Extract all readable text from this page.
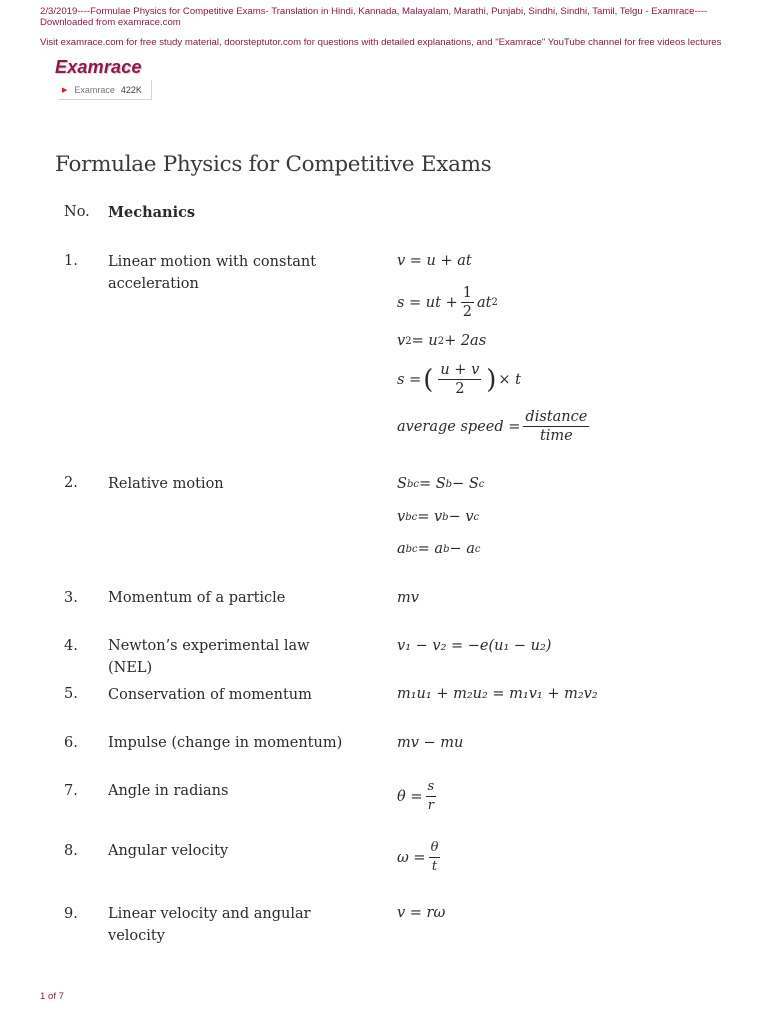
2/3/2019----Formulae Physics for Competitive Exams- Translation in Hindi, Kannada, Malayalam, Marathi, Punjabi, Sindhi, Sindhi, Tamil, Telgu - Examrace----Downloaded from examrace.com

Visit examrace.com for free study material, doorsteptutor.com for questions with detailed explanations, and "Examrace" YouTube channel for free videos lectures

Examrace
▶ Examrace 422K
Formulae Physics for Competitive Exams
No. Mechanics
1. Linear motion with constant acceleration
2. Relative motion
3. Momentum of a particle
4. Newton’s experimental law (NEL)
5. Conservation of momentum
6. Impulse (change in momentum)
7. Angle in radians
8. Angular velocity
9. Linear velocity and angular velocity
v = u + at
s = ut + $\frac{1}{2}$ at 2
v 2 = u 2 + 2as
s = ( $\frac{u + v}{2}$ ) × t
average speed = $\frac{\text{distance}}{\text{time}}$
S bc = S b − S c
v bc = v b − v c
a bc = a b − a c
mv
v₁ − v₂ = −e(u₁ − u₂)
m₁u₁ + m₂u₂ = m₁v₁ + m₂v₂
mv − mu
$\theta = \frac{s}{r}$
$\omega = \frac{\theta}{t}$
v = rω
1 of 7
